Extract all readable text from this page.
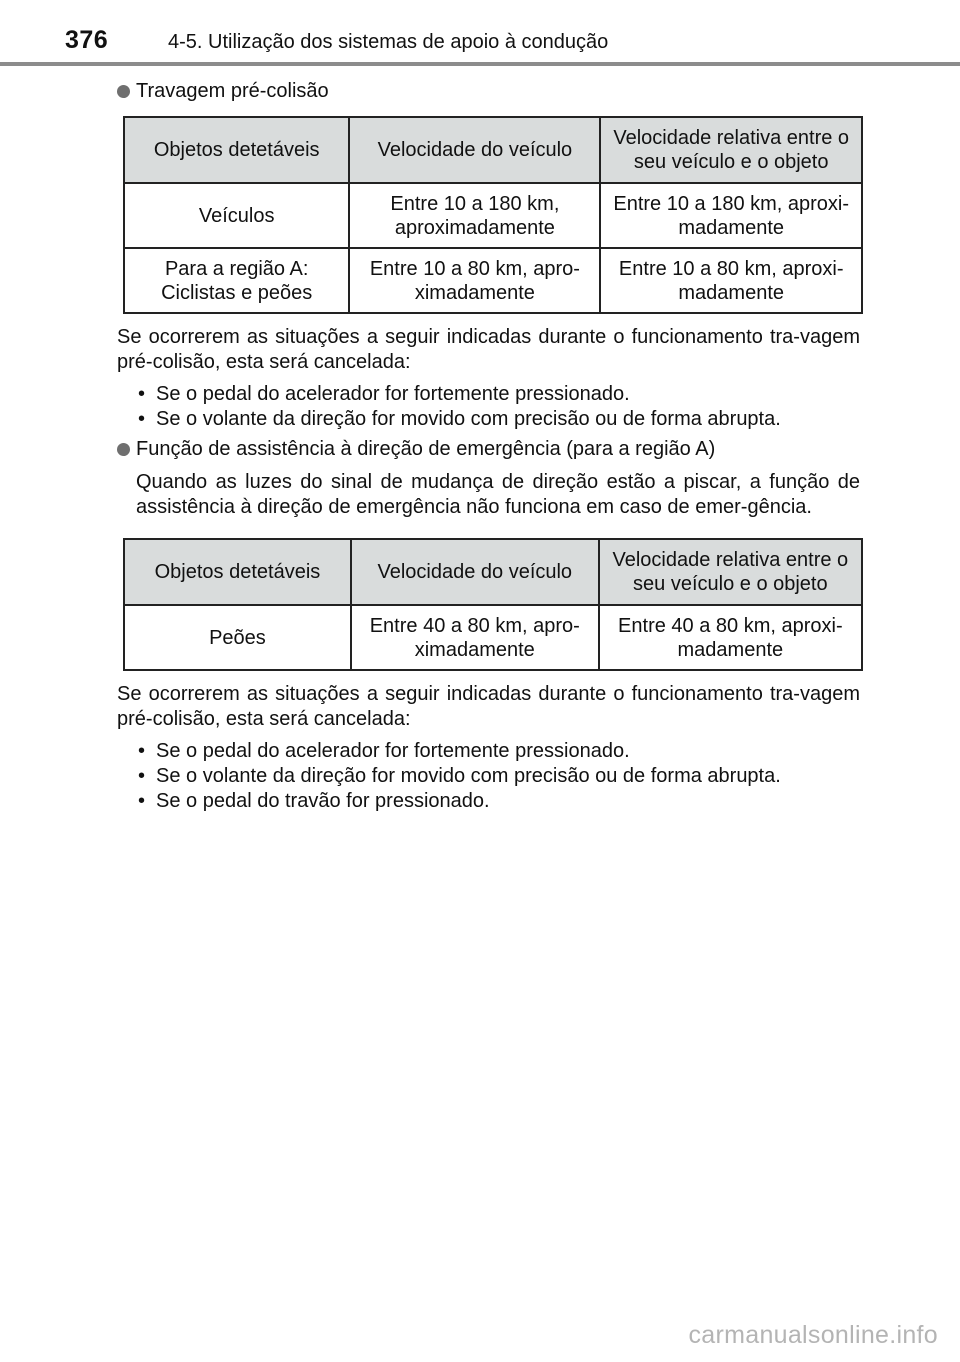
376	4-5. Utilização dos sistemas de apoio à condução
Travagem pré-colisão
Objetos detetáveis	Velocidade do veículo	Velocidade relativa entre o seu veículo e o objeto
Veículos	Entre 10 a 180 km, aproximadamente	Entre 10 a 180 km, aproxi-madamente
Para a região A: Ciclistas e peões	Entre 10 a 80 km, apro-ximadamente	Entre 10 a 80 km, aproxi-madamente
Se ocorrerem as situações a seguir indicadas durante o funcionamento tra-vagem pré-colisão, esta será cancelada:
• Se o pedal do acelerador for fortemente pressionado.
• Se o volante da direção for movido com precisão ou de forma abrupta.
Função de assistência à direção de emergência (para a região A)
Quando as luzes do sinal de mudança de direção estão a piscar, a função de assistência à direção de emergência não funciona em caso de emer-gência.
Objetos detetáveis	Velocidade do veículo	Velocidade relativa entre o seu veículo e o objeto
Peões	Entre 40 a 80 km, apro-ximadamente	Entre 40 a 80 km, aproxi-madamente
Se ocorrerem as situações a seguir indicadas durante o funcionamento tra-vagem pré-colisão, esta será cancelada:
• Se o pedal do acelerador for fortemente pressionado.
• Se o volante da direção for movido com precisão ou de forma abrupta.
• Se o pedal do travão for pressionado.
carmanualsonline.info
